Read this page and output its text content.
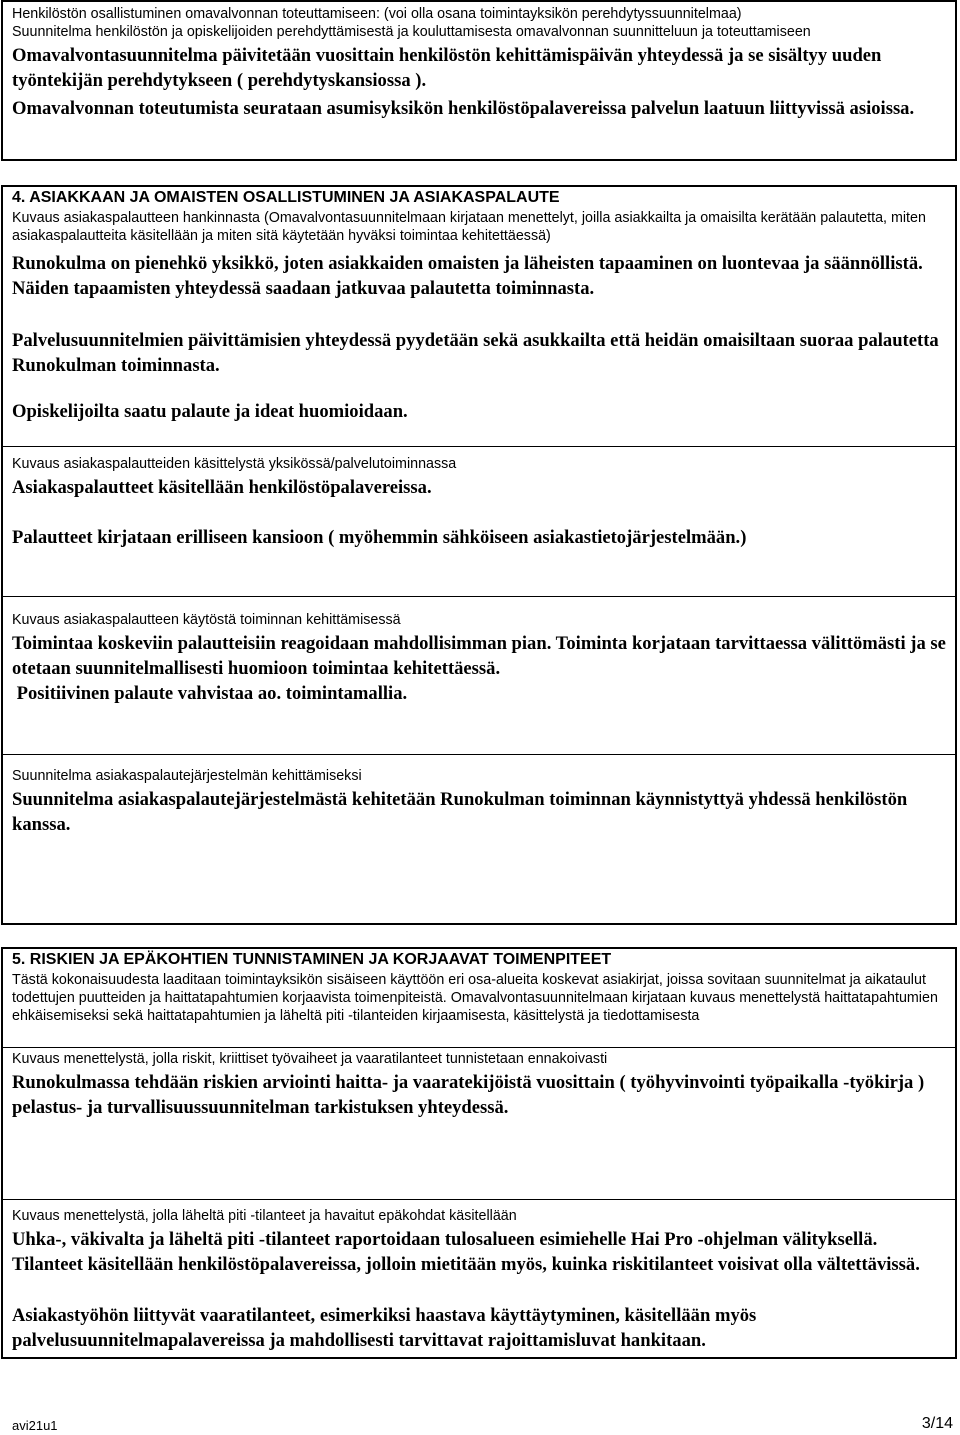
Henkilöstön osallistuminen omavalvonnan toteuttamiseen: (voi olla osana toimintayksikön perehdytyssuunnitelmaa)

Suunnitelma henkilöstön ja opiskelijoiden perehdyttämisestä ja kouluttamisesta omavalvonnan suunnitteluun ja toteuttamiseen

Omavalvontasuunnitelma päivitetään vuosittain henkilöstön kehittämispäivän yhteydessä ja se sisältyy uuden työntekijän perehdytykseen ( perehdytyskansiossa ).

Omavalvonnan toteutumista seurataan asumisyksikön henkilöstöpalavereissa palvelun laatuun liittyvissä asioissa.

4. ASIAKKAAN JA OMAISTEN OSALLISTUMINEN JA ASIAKASPALAUTE

Kuvaus asiakaspalautteen hankinnasta (Omavalvontasuunnitelmaan kirjataan menettelyt, joilla asiakkailta ja omaisilta kerätään palautetta, miten asiakaspalautteita käsitellään ja miten sitä käytetään hyväksi toimintaa kehitettäessä)

Runokulma on pienehkö yksikkö, joten asiakkaiden omaisten ja läheisten tapaaminen on luontevaa ja säännöllistä. Näiden tapaamisten yhteydessä saadaan jatkuvaa palautetta toiminnasta.

Palvelusuunnitelmien päivittämisien yhteydessä pyydetään sekä asukkailta että heidän omaisiltaan suoraa palautetta Runokulman toiminnasta.

Opiskelijoilta saatu palaute ja ideat huomioidaan.

Kuvaus asiakaspalautteiden käsittelystä yksikössä/palvelutoiminnassa

Asiakaspalautteet käsitellään henkilöstöpalavereissa.

Palautteet kirjataan erilliseen kansioon ( myöhemmin sähköiseen asiakastietojärjestelmään.)

Kuvaus asiakaspalautteen käytöstä toiminnan kehittämisessä

Toimintaa koskeviin palautteisiin reagoidaan mahdollisimman pian. Toiminta korjataan tarvittaessa välittömästi ja se otetaan suunnitelmallisesti huomioon toimintaa kehitettäessä.

Positiivinen palaute vahvistaa ao. toimintamallia.

Suunnitelma asiakaspalautejärjestelmän kehittämiseksi

Suunnitelma asiakaspalautejärjestelmästä kehitetään Runokulman toiminnan käynnistyttyä yhdessä henkilöstön kanssa.

5. RISKIEN JA EPÄKOHTIEN TUNNISTAMINEN JA KORJAAVAT TOIMENPITEET

Tästä kokonaisuudesta laaditaan toimintayksikön sisäiseen käyttöön eri osa-alueita koskevat asiakirjat, joissa sovitaan suunnitelmat ja aikataulut todettujen puutteiden ja haittatapahtumien korjaavista toimenpiteistä. Omavalvontasuunnitelmaan kirjataan kuvaus menettelystä haittatapahtumien ehkäisemiseksi sekä haittatapahtumien ja läheltä piti -tilanteiden kirjaamisesta, käsittelystä ja tiedottamisesta

Kuvaus menettelystä, jolla riskit, kriittiset työvaiheet ja vaaratilanteet tunnistetaan ennakoivasti

Runokulmassa tehdään riskien arviointi haitta- ja vaaratekijöistä vuosittain ( työhyvinvointi työpaikalla -työkirja ) pelastus- ja turvallisuussuunnitelman tarkistuksen yhteydessä.

Kuvaus menettelystä, jolla läheltä piti -tilanteet ja havaitut epäkohdat käsitellään

Uhka-, väkivalta ja läheltä piti -tilanteet raportoidaan tulosalueen esimiehelle Hai Pro -ohjelman välityksellä. Tilanteet käsitellään henkilöstöpalavereissa, jolloin mietitään myös, kuinka riskitilanteet voisivat olla vältettävissä.

Asiakastyöhön liittyvät vaaratilanteet, esimerkiksi haastava käyttäytyminen, käsitellään myös palvelusuunnitelmapalavereissa ja mahdollisesti tarvittavat rajoittamisluvat hankitaan.

avi21u1	3/14
